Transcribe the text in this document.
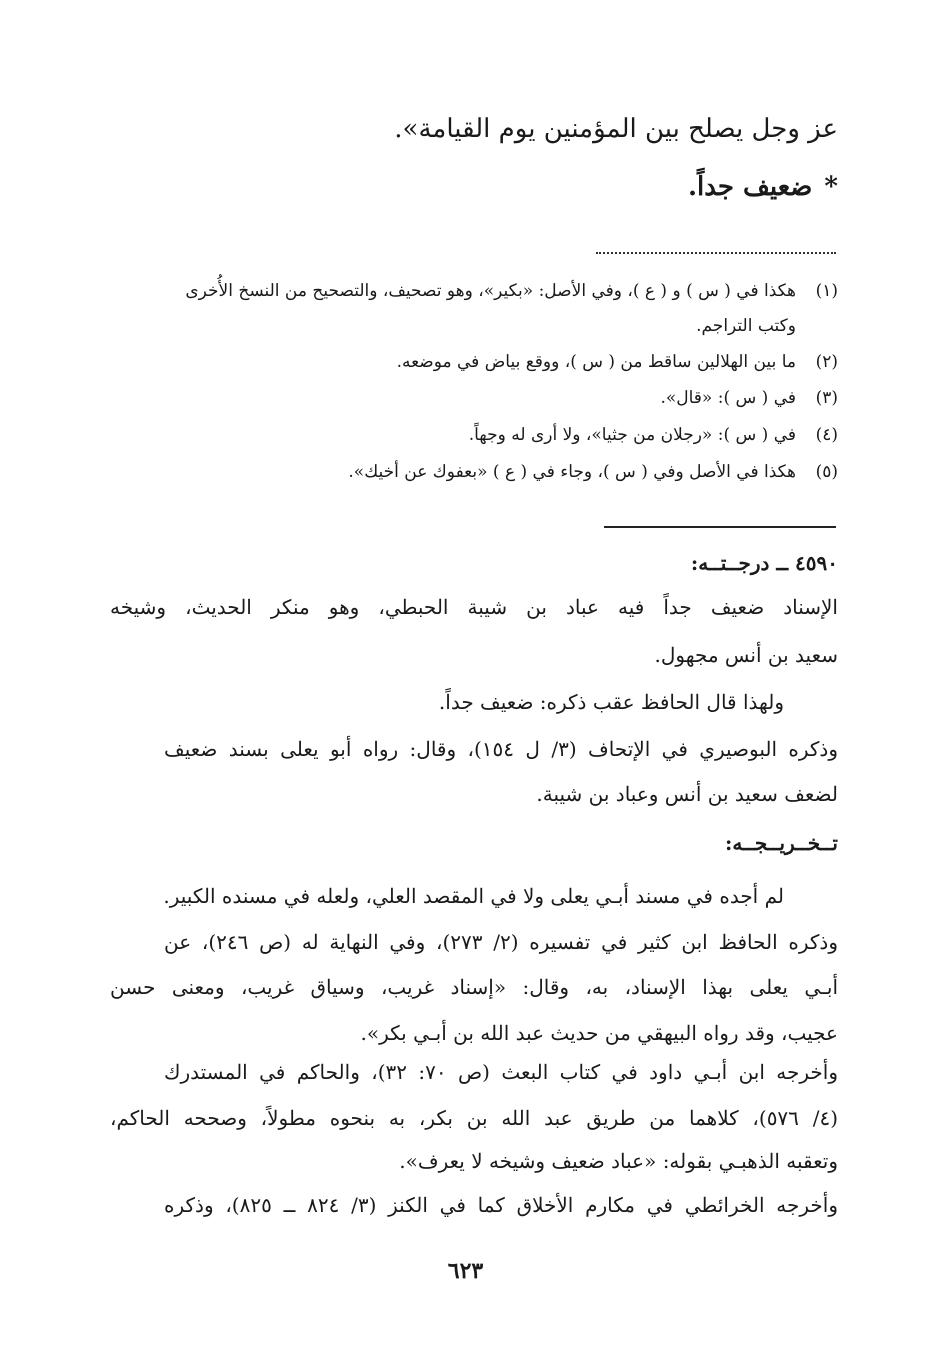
عز وجل يصلح بين المؤمنين يوم القيامة».
*ضعيف جداً.
(١)هكذا في ( س ) و ( ع )، وفي الأصل: «بكير»، وهو تصحيف، والتصحيح من النسخ الأُخرى
وكتب التراجم.
(٢)ما بين الهلالين ساقط من ( س )، ووقع بياض في موضعه.
(٣)في ( س ): «قال».
(٤)في ( س ): «رجلان من جثيا»، ولا أرى له وجهاً.
(٥)هكذا في الأصل وفي ( س )، وجاء في ( ع ) «بعفوك عن أخيك».
٤٥٩٠ ــ درجــتــه:
الإسناد ضعيف جداً فيه عباد بن شيبة الحبطي، وهو منكر الحديث، وشيخه
سعيد بن أنس مجهول.
ولهذا قال الحافظ عقب ذكره: ضعيف جداً.
وذكره البوصيري في الإتحاف (٣/ ل ١٥٤)، وقال: رواه أبو يعلى بسند ضعيف
لضعف سعيد بن أنس وعباد بن شيبة.
تــخــريــجــه:
لم أجده في مسند أبـي يعلى ولا في المقصد العلي، ولعله في مسنده الكبير.
وذكره الحافظ ابن كثير في تفسيره (٢/ ٢٧٣)، وفي النهاية له (ص ٢٤٦)، عن
أبـي يعلى بهذا الإسناد، به، وقال: «إسناد غريب، وسياق غريب، ومعنى حسن
عجيب، وقد رواه البيهقي من حديث عبد الله بن أبـي بكر».
وأخرجه ابن أبـي داود في كتاب البعث (ص ٧٠: ٣٢)، والحاكم في المستدرك
(٤/ ٥٧٦)، كلاهما من طريق عبد الله بن بكر، به بنحوه مطولاً، وصححه الحاكم،
وتعقبه الذهبـي بقوله: «عباد ضعيف وشيخه لا يعرف».
وأخرجه الخرائطي في مكارم الأخلاق كما في الكنز (٣/ ٨٢٤ ــ ٨٢٥)، وذكره
٦٢٣
